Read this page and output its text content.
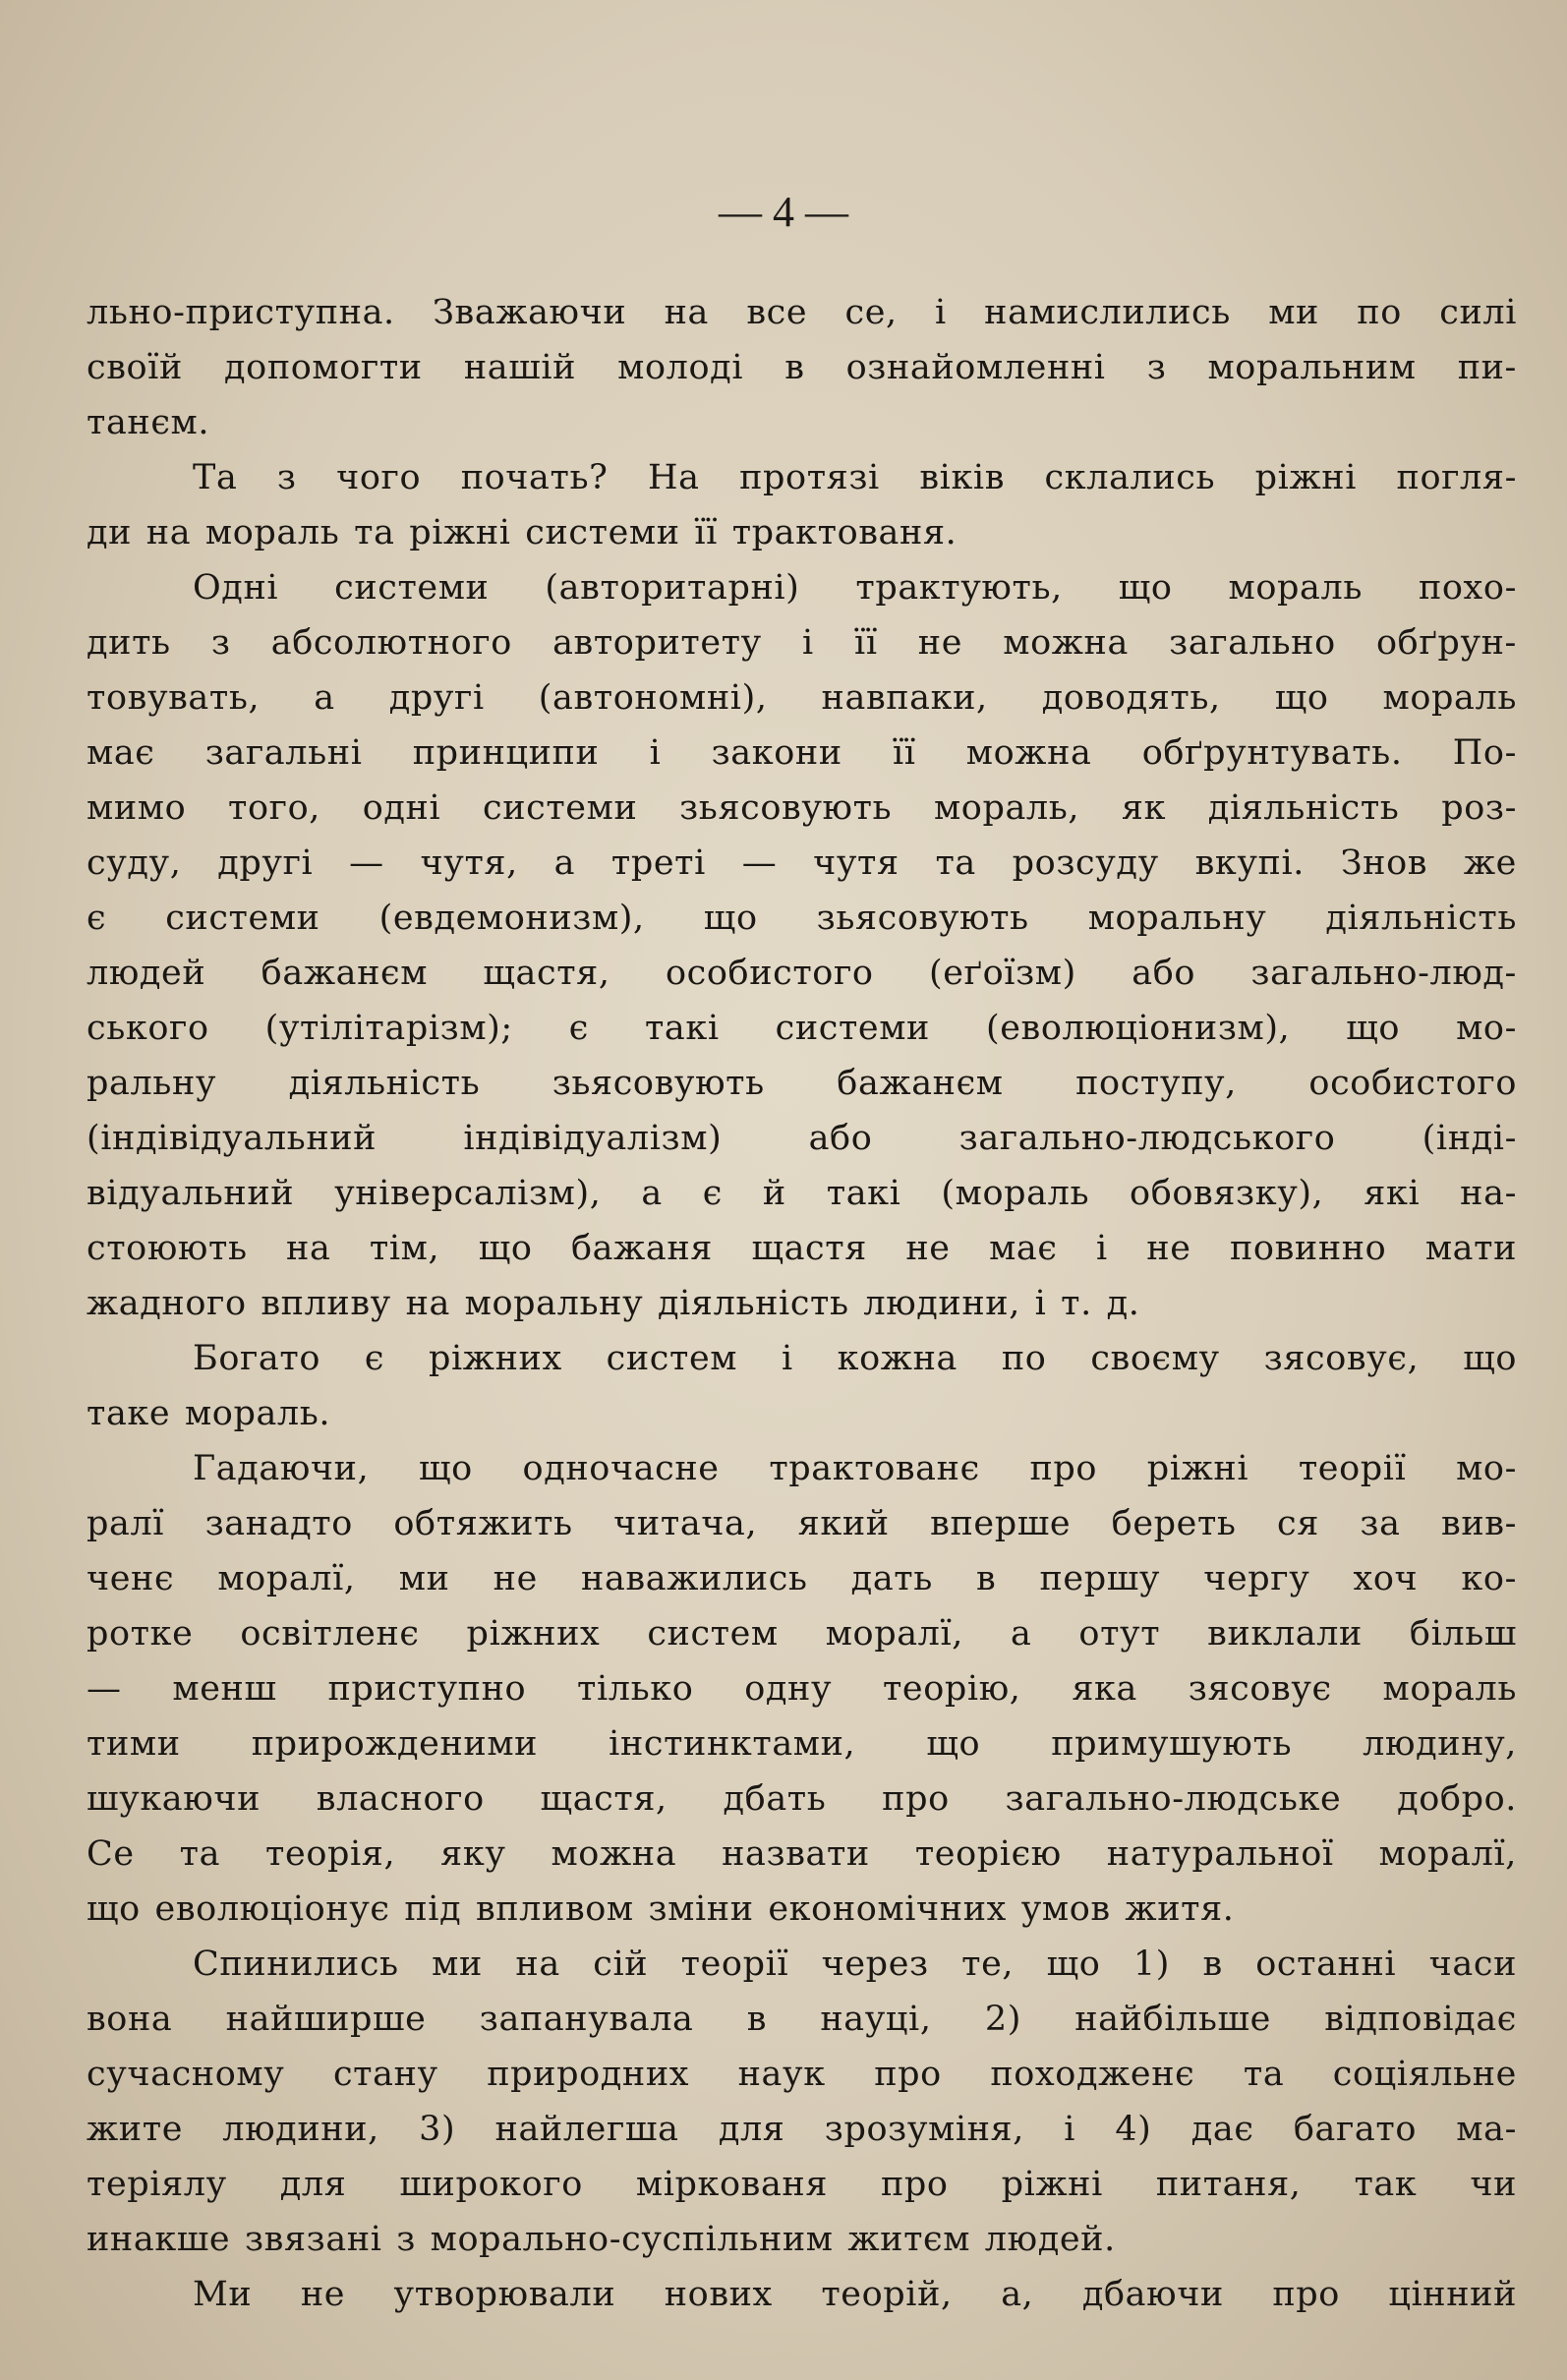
— 4 —
льно-приступна. Зважаючи на все се, і намислились ми по силі
своїй допомогти нашій молоді в ознайомленні з моральним пи-
танєм.
Та з чого почать? На протязі віків склались ріжні погля-
ди на мораль та ріжні системи її трактованя.
Одні системи (авторитарні) трактують, що мораль похо-
дить з абсолютного авторитету і її не можна загально обґрун-
товувать, а другі (автономні), навпаки, доводять, що мораль
має загальні принципи і закони її можна обґрунтувать. По-
мимо того, одні системи зьясовують мораль, як діяльність роз-
суду, другі — чутя, а треті — чутя та розсуду вкупі. Знов же
є системи (евдемонизм), що зьясовують моральну діяльність
людей бажанєм щастя, особистого (еґоїзм) або загально-люд-
ського (утілітарізм); є такі системи (еволюціонизм), що мо-
ральну діяльність зьясовують бажанєм поступу, особистого
(індівідуальний індівідуалізм) або загально-людського (інді-
відуальний універсалізм), а є й такі (мораль обовязку), які на-
стоюють на тім, що бажаня щастя не має і не повинно мати
жадного впливу на моральну діяльність людини, і т. д.
Богато є ріжних систем і кожна по своєму зясовує, що
таке мораль.
Гадаючи, що одночасне трактованє про ріжні теорії мо-
ралї занадто обтяжить читача, який вперше береть ся за вив-
ченє моралї, ми не наважились дать в першу чергу хоч ко-
ротке освітленє ріжних систем моралї, а отут виклали більш
— менш приступно тілько одну теорію, яка зясовує мораль
тими прирожденими інстинктами, що примушують людину,
шукаючи власного щастя, дбать про загально-людське добро.
Се та теорія, яку можна назвати теорією натуральної моралї,
що еволюціонує під впливом зміни економічних умов житя.
Спинились ми на сій теорії через те, що 1) в останні часи
вона найширше запанувала в науці, 2) найбільше відповідає
сучасному стану природних наук про походженє та соціяльне
жите людини, 3) найлегша для зрозуміня, і 4) дає багато ма-
теріялу для широкого міркованя про ріжні питаня, так чи
инакше звязані з морально-суспільним житєм людей.
Ми не утворювали нових теорій, а, дбаючи про цінний
